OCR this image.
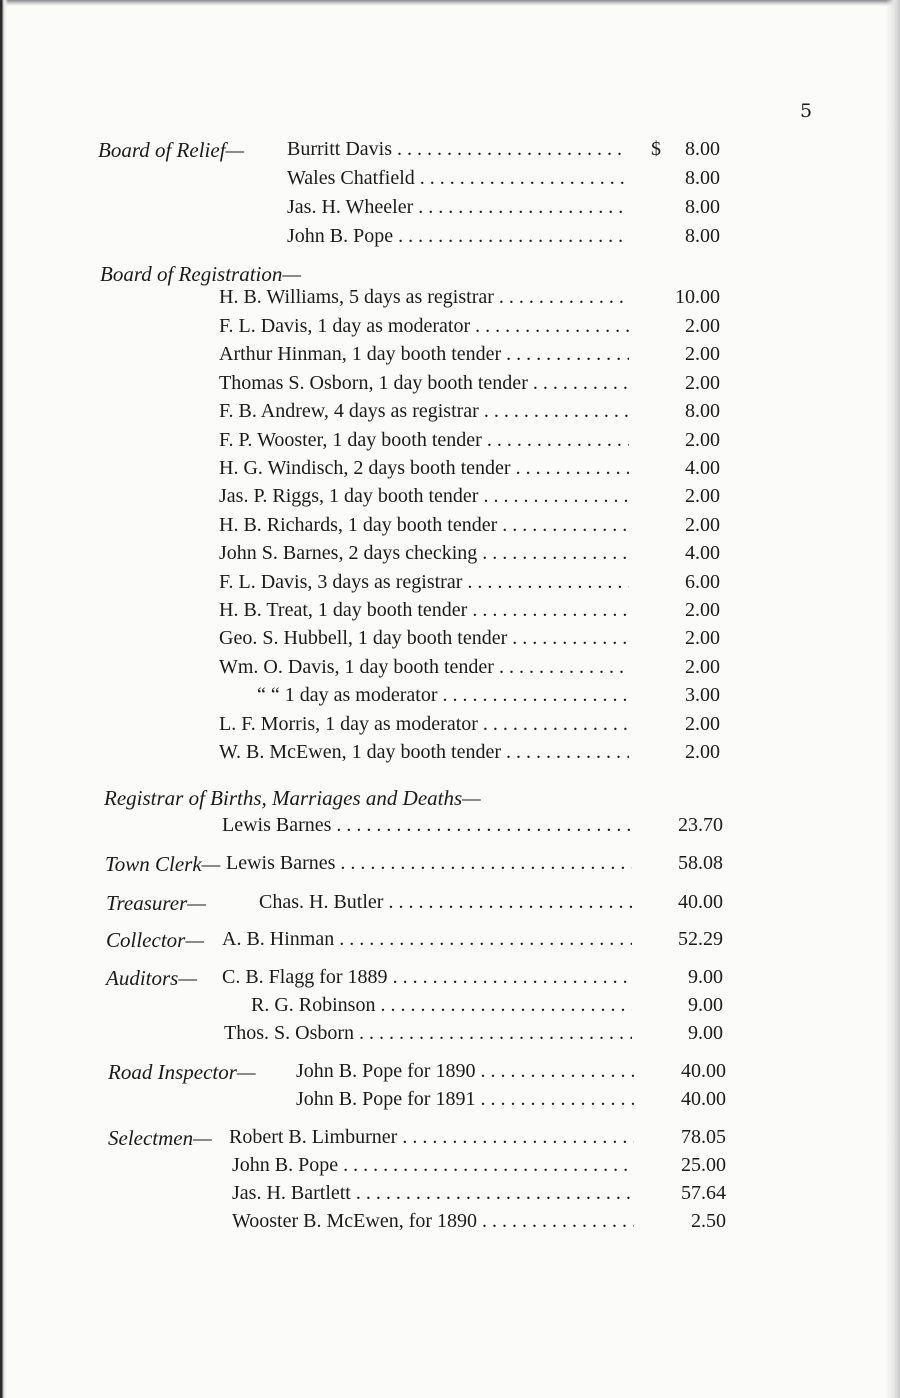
5
Board of Relief— Burritt Davis . . .	$	8.00
Wales Chatfield . . .	8.00
Jas. H. Wheeler . . .	8.00
John B. Pope . . .	8.00
Board of Registration—
H. B. Williams, 5 days as registrar . . .	10.00
F. L. Davis, 1 day as moderator . . .	2.00
Arthur Hinman, 1 day booth tender . . .	2.00
Thomas S. Osborn, 1 day booth tender . . .	2.00
F. B. Andrew, 4 days as registrar . . .	8.00
F. P. Wooster, 1 day booth tender . . .	2.00
H. G. Windisch, 2 days booth tender . . .	4.00
Jas. P. Riggs, 1 day booth tender . . .	2.00
H. B. Richards, 1 day booth tender . . .	2.00
John S. Barnes, 2 days checking . . .	4.00
F. L. Davis, 3 days as registrar . . .	6.00
H. B. Treat, 1 day booth tender . . .	2.00
Geo. S. Hubbell, 1 day booth tender . . .	2.00
Wm. O. Davis, 1 day booth tender . . .	2.00
“ “ 1 day as moderator . . .	3.00
L. F. Morris, 1 day as moderator . . .	2.00
W. B. McEwen, 1 day booth tender . . .	2.00
Registrar of Births, Marriages and Deaths—
Lewis Barnes . . .	23.70
Town Clerk— Lewis Barnes . . .	58.08
Treasurer—	Chas. H. Butler . . .	40.00
Collector— A. B. Hinman . . .	52.29
Auditors— C. B. Flagg for 1889 . . .	9.00
R. G. Robinson . . .	9.00
Thos. S. Osborn . . .	9.00
Road Inspector— John B. Pope for 1890 . . .	40.00
John B. Pope for 1891 . . .	40.00
Selectmen— Robert B. Limburner . . .	78.05
John B. Pope . . .	25.00
Jas. H. Bartlett . . .	57.64
Wooster B. McEwen, for 1890 . . .	2.50
